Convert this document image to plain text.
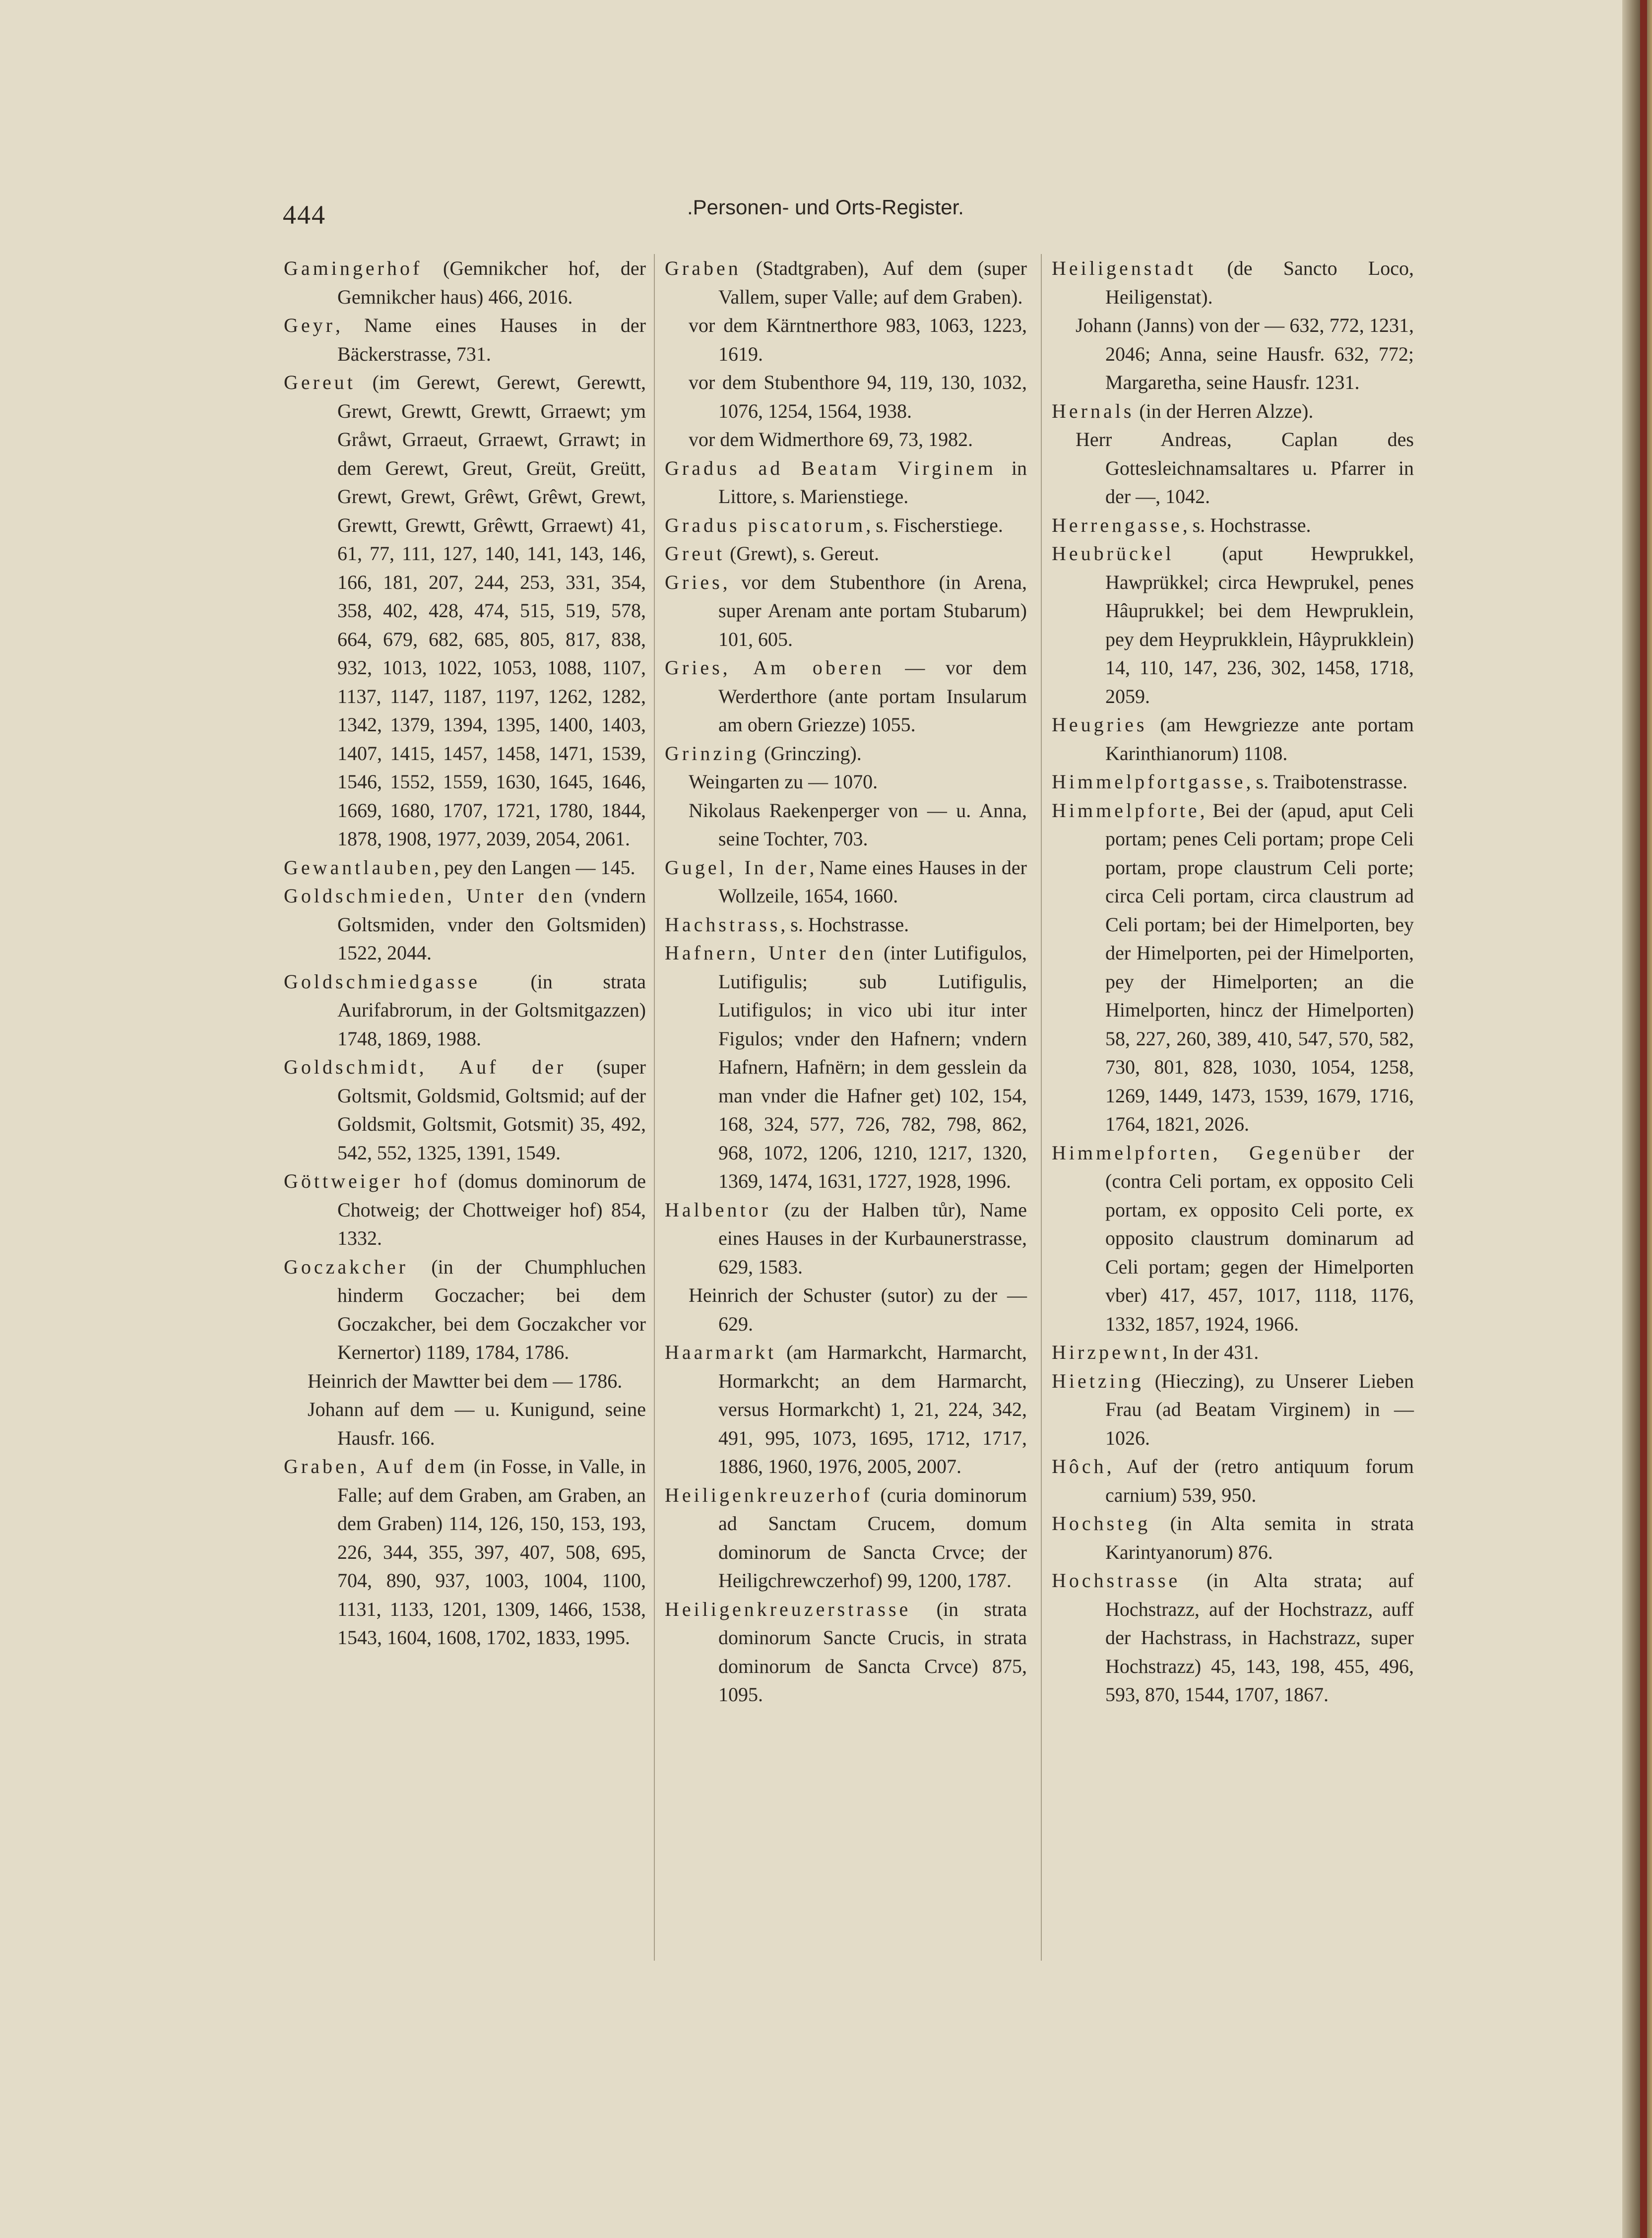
444	.Personen- und Orts-Register.

Gamingerhof (Gemnikcher hof, der Gemnikcher haus) 466, 2016.

Geyr, Name eines Hauses in der Bäckerstrasse, 731.

Gereut (im Gerewt, Gerewt, Gerewtt, Grewt, Grewtt, Grewtt, Grraewt; ym Gråwt, Grraeut, Grraewt, Grrawt; in dem Gerewt, Greut, Greüt, Greütt, Grewt, Grewt, Grêwt, Grêwt, Grewt, Grewtt, Grewtt, Grêwtt, Grraewt) 41, 61, 77, 111, 127, 140, 141, 143, 146, 166, 181, 207, 244, 253, 331, 354, 358, 402, 428, 474, 515, 519, 578, 664, 679, 682, 685, 805, 817, 838, 932, 1013, 1022, 1053, 1088, 1107, 1137, 1147, 1187, 1197, 1262, 1282, 1342, 1379, 1394, 1395, 1400, 1403, 1407, 1415, 1457, 1458, 1471, 1539, 1546, 1552, 1559, 1630, 1645, 1646, 1669, 1680, 1707, 1721, 1780, 1844, 1878, 1908, 1977, 2039, 2054, 2061.

Gewantlauben, pey den Langen — 145.

Goldschmieden, Unter den (vndern Goltsmiden, vnder den Goltsmiden) 1522, 2044.

Goldschmiedgasse (in strata Aurifabrorum, in der Goltsmitgazzen) 1748, 1869, 1988.

Goldschmidt, Auf der (super Goltsmit, Goldsmid, Goltsmid; auf der Goldsmit, Goltsmit, Gotsmit) 35, 492, 542, 552, 1325, 1391, 1549.

Göttweiger hof (domus dominorum de Chotweig; der Chottweiger hof) 854, 1332.

Goczakcher (in der Chumphluchen hinderm Goczacher; bei dem Goczakcher, bei dem Goczakcher vor Kernertor) 1189, 1784, 1786.

Heinrich der Mawtter bei dem — 1786.

Johann auf dem — u. Kunigund, seine Hausfr. 166.

Graben, Auf dem (in Fosse, in Valle, in Falle; auf dem Graben, am Graben, an dem Graben) 114, 126, 150, 153, 193, 226, 344, 355, 397, 407, 508, 695, 704, 890, 937, 1003, 1004, 1100, 1131, 1133, 1201, 1309, 1466, 1538, 1543, 1604, 1608, 1702, 1833, 1995.

Graben (Stadtgraben), Auf dem (super Vallem, super Valle; auf dem Graben).

vor dem Kärntnerthore 983, 1063, 1223, 1619.

vor dem Stubenthore 94, 119, 130, 1032, 1076, 1254, 1564, 1938.

vor dem Widmerthore 69, 73, 1982.

Gradus ad Beatam Virginem in Littore, s. Marienstiege.

Gradus piscatorum, s. Fischerstiege.

Greut (Grewt), s. Gereut.

Gries, vor dem Stubenthore (in Arena, super Arenam ante portam Stubarum) 101, 605.

Gries, Am oberen — vor dem Werderthore (ante portam Insularum am obern Griezze) 1055.

Grinzing (Grinczing).

Weingarten zu — 1070.

Nikolaus Raekenperger von — u. Anna, seine Tochter, 703.

Gugel, In der, Name eines Hauses in der Wollzeile, 1654, 1660.

Hachstrass, s. Hochstrasse.

Hafnern, Unter den (inter Lutifigulos, Lutifigulis; sub Lutifigulis, Lutifigulos; in vico ubi itur inter Figulos; vnder den Hafnern; vndern Hafnern, Hafnërn; in dem gesslein da man vnder die Hafner get) 102, 154, 168, 324, 577, 726, 782, 798, 862, 968, 1072, 1206, 1210, 1217, 1320, 1369, 1474, 1631, 1727, 1928, 1996.

Halbentor (zu der Halben tůr), Name eines Hauses in der Kurbaunerstrasse, 629, 1583.

Heinrich der Schuster (sutor) zu der — 629.

Haarmarkt (am Harmarkcht, Harmarcht, Hormarkcht; an dem Harmarcht, versus Hormarkcht) 1, 21, 224, 342, 491, 995, 1073, 1695, 1712, 1717, 1886, 1960, 1976, 2005, 2007.

Heiligenkreuzerhof (curia dominorum ad Sanctam Crucem, domum dominorum de Sancta Crvce; der Heiligchrewczerhof) 99, 1200, 1787.

Heiligenkreuzerstrasse (in strata dominorum Sancte Crucis, in strata dominorum de Sancta Crvce) 875, 1095.

Heiligenstadt (de Sancto Loco, Heiligenstat).

Johann (Janns) von der — 632, 772, 1231, 2046; Anna, seine Hausfr. 632, 772; Margaretha, seine Hausfr. 1231.

Hernals (in der Herren Alzze).

Herr Andreas, Caplan des Gottesleichnamsaltares u. Pfarrer in der —, 1042.

Herrengasse, s. Hochstrasse.

Heubrückel (aput Hewprukkel, Hawprükkel; circa Hewprukel, penes Hâuprukkel; bei dem Hewpruklein, pey dem Heyprukklein, Hâyprukklein) 14, 110, 147, 236, 302, 1458, 1718, 2059.

Heugries (am Hewgriezze ante portam Karinthianorum) 1108.

Himmelpfortgasse, s. Traibotenstrasse.

Himmelpforte, Bei der (apud, aput Celi portam; penes Celi portam; prope Celi portam, prope claustrum Celi porte; circa Celi portam, circa claustrum ad Celi portam; bei der Himelporten, bey der Himelporten, pei der Himelporten, pey der Himelporten; an die Himelporten, hincz der Himelporten) 58, 227, 260, 389, 410, 547, 570, 582, 730, 801, 828, 1030, 1054, 1258, 1269, 1449, 1473, 1539, 1679, 1716, 1764, 1821, 2026.

Himmelpforten, Gegenüber der (contra Celi portam, ex opposito Celi portam, ex opposito Celi porte, ex opposito claustrum dominarum ad Celi portam; gegen der Himelporten vber) 417, 457, 1017, 1118, 1176, 1332, 1857, 1924, 1966.

Hirzpewnt, In der 431.

Hietzing (Hieczing), zu Unserer Lieben Frau (ad Beatam Virginem) in — 1026.

Hôch, Auf der (retro antiquum forum carnium) 539, 950.

Hochsteg (in Alta semita in strata Karintyanorum) 876.

Hochstrasse (in Alta strata; auf Hochstrazz, auf der Hochstrazz, auff der Hachstrass, in Hachstrazz, super Hochstrazz) 45, 143, 198, 455, 496, 593, 870, 1544, 1707, 1867.
